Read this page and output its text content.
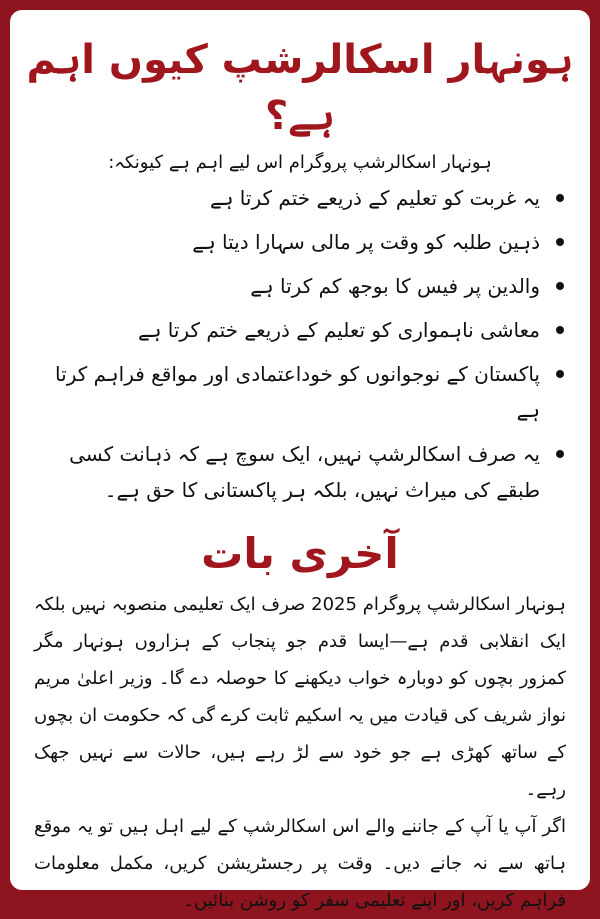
ہونہار اسکالرشپ کیوں اہم ہے؟
ہونہار اسکالرشپ پروگرام اس لیے اہم ہے کیونکہ:
یہ غربت کو تعلیم کے ذریعے ختم کرتا ہے
ذہین طلبہ کو وقت پر مالی سہارا دیتا ہے
والدین پر فیس کا بوجھ کم کرتا ہے
معاشی ناہمواری کو تعلیم کے ذریعے ختم کرتا ہے
پاکستان کے نوجوانوں کو خوداعتمادی اور مواقع فراہم کرتا ہے
یہ صرف اسکالرشپ نہیں، ایک سوچ ہے کہ ذہانت کسی طبقے کی میراث نہیں، بلکہ ہر پاکستانی کا حق ہے۔
آخری بات
ہونہار اسکالرشپ پروگرام 2025 صرف ایک تعلیمی منصوبہ نہیں بلکہ ایک انقلابی قدم ہے—ایسا قدم جو پنجاب کے ہزاروں ہونہار مگر کمزور بچوں کو دوبارہ خواب دیکھنے کا حوصلہ دے گا۔ وزیر اعلیٰ مریم نواز شریف کی قیادت میں یہ اسکیم ثابت کرے گی کہ حکومت ان بچوں کے ساتھ کھڑی ہے جو خود سے لڑ رہے ہیں، حالات سے نہیں جھک رہے۔
اگر آپ یا آپ کے جاننے والے اس اسکالرشپ کے لیے اہل ہیں تو یہ موقع ہاتھ سے نہ جانے دیں۔ وقت پر رجسٹریشن کریں، مکمل معلومات فراہم کریں، اور اپنے تعلیمی سفر کو روشن بنائیں۔
